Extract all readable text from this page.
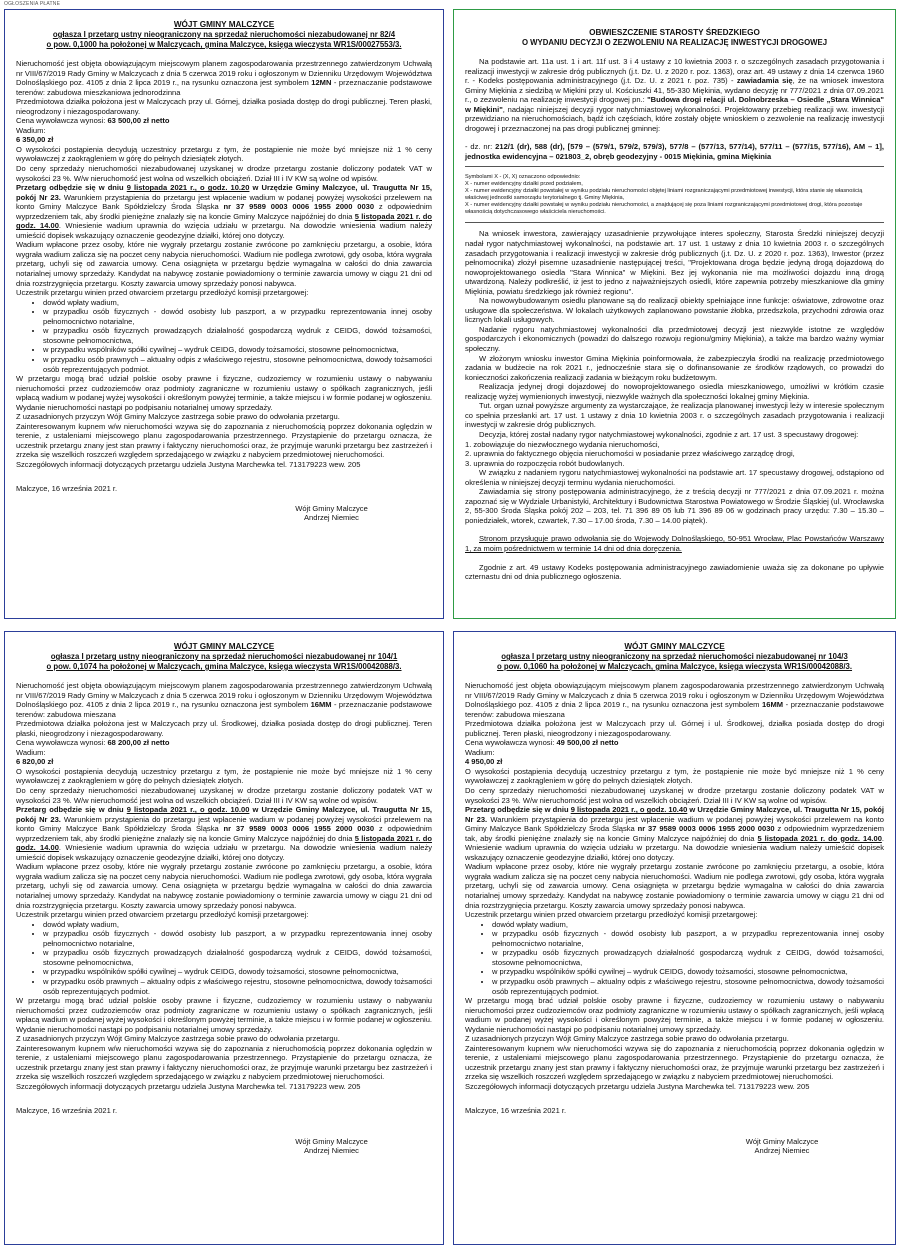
OGŁOSZENIA PŁATNE
WÓJT GMINY MALCZYCE
ogłasza I przetarg ustny nieograniczony na sprzedaż nieruchomości niezabudowanej nr 82/4
o pow. 0,1000 ha położonej w Malczycach, gmina Malczyce, księga wieczysta WR1S/00027553/3.

Nieruchomość jest objęta obowiązującym miejscowym planem zagospodarowania przestrzennego zatwierdzonym Uchwałą nr VIII/67/2019 Rady Gminy w Malczycach z dnia 5 czerwca 2019 roku i ogłoszonym w Dzienniku Urzędowym Województwa Dolnośląskiego poz. 4105 z dnia 2 lipca 2019 r., na rysunku oznaczona jest symbolem 12MN - przeznaczanie podstawowe terenów: zabudowa mieszkaniowa jednorodzinna

Przedmiotowa działka położona jest w Malczycach przy ul. Górnej, działka posiada dostęp do drogi publicznej. Teren płaski, nieogrodzony i niezagospodarowany.

Cena wywoławcza wynosi: 63 500,00 zł netto

Wadium:
6 350,00 zł

O wysokości postąpienia decydują uczestnicy przetargu z tym, że postąpienie nie może być mniejsze niż 1 % ceny wywoławczej z zaokrągleniem w górę do pełnych dziesiątek złotych.

Do ceny sprzedaży nieruchomości niezabudowanej uzyskanej w drodze przetargu zostanie doliczony podatek VAT w wysokości 23 %. W/w nieruchomość jest wolna od wszelkich obciążeń. Dział III i IV KW są wolne od wpisów.

Przetarg odbędzie się w dniu 9 listopada 2021 r., o godz. 10.20 w Urzędzie Gminy Malczyce, ul. Traugutta Nr 15, pokój Nr 23. Warunkiem przystąpienia do przetargu jest wpłacenie wadium w podanej powyżej wysokości przelewem na konto Gminy Malczyce Bank Spółdzielczy Środa Śląska nr 37 9589 0003 0006 1955 2000 0030 z odpowiednim wyprzedzeniem tak, aby środki pieniężne znalazły się na koncie Gminy Malczyce najpóźniej do dnia 5 listopada 2021 r. do godz. 14.00. Wniesienie wadium uprawnia do wzięcia udziału w przetargu. Na dowodzie wniesienia wadium należy umieścić dopisek wskazujący oznaczenie geodezyjne działki, której ono dotyczy.

Wadium wpłacone przez osoby, które nie wygrały przetargu zostanie zwrócone po zamknięciu przetargu, a osobie, która wygrała wadium zalicza się na poczet ceny nabycia nieruchomości. Wadium nie podlega zwrotowi, gdy osoba, która wygrała przetarg, uchyli się od zawarcia umowy. Cena osiągnięta w przetargu będzie wymagalna w całości do dnia zawarcia notarialnej umowy sprzedaży. Kandydat na nabywcę zostanie powiadomiony o terminie zawarcia umowy w ciągu 21 dni od dnia rozstrzygnięcia przetargu. Koszty zawarcia umowy sprzedaży ponosi nabywca.

Uczestnik przetargu winien przed otwarciem przetargu przedłożyć komisji przetargowej:

• dowód wpłaty wadium,
• w przypadku osób fizycznych - dowód osobisty lub paszport, a w przypadku reprezentowania innej osoby pełnomocnictwo notarialne,
• w przypadku osób fizycznych prowadzących działalność gospodarczą wydruk z CEIDG, dowód tożsamości, stosowne pełnomocnictwa,
• w przypadku wspólników spółki cywilnej – wydruk CEIDG, dowody tożsamości, stosowne pełnomocnictwa,
• w przypadku osób prawnych – aktualny odpis z właściwego rejestru, stosowne pełnomocnictwa, dowody tożsamości osób reprezentujących podmiot.

W przetargu mogą brać udział polskie osoby prawne i fizyczne, cudzoziemcy w rozumieniu ustawy o nabywaniu nieruchomości przez cudzoziemców oraz podmioty zagraniczne w rozumieniu ustawy o spółkach zagranicznych, jeśli wpłacą wadium w podanej wyżej wysokości i określonym powyżej terminie, a także miejscu i w formie podanej w ogłoszeniu. Wydanie nieruchomości nastąpi po podpisaniu notarialnej umowy sprzedaży.

Z uzasadnionych przyczyn Wójt Gminy Malczyce zastrzega sobie prawo do odwołania przetargu.

Zainteresowanym kupnem w/w nieruchomości wzywa się do zapoznania z nieruchomością poprzez dokonania oględzin w terenie, z ustaleniami miejscowego planu zagospodarowania przestrzennego. Przystąpienie do przetargu oznacza, że uczestnik przetargu znany jest stan prawny i faktyczny nieruchomości oraz, że przyjmuje warunki przetargu bez zastrzeżeń i zrzeka się wszelkich roszczeń względem sprzedającego w związku z nabyciem przedmiotowej nieruchomości.

Szczegółowych informacji dotyczących przetargu udziela Justyna Marchewka tel. 713179223 wew. 205

Malczyce, 16 września 2021 r.
Wójt Gminy Malczyce
Andrzej Niemiec
OBWIESZCZENIE STAROSTY ŚREDZKIEGO
O WYDANIU DECYZJI O ZEZWOLENIU NA REALIZACJĘ INWESTYCJI DROGOWEJ

Na podstawie art. 11a ust. 1 i art. 11f ust. 3 i 4 ustawy z 10 kwietnia 2003 r. o szczególnych zasadach przygotowania i realizacji inwestycji w zakresie dróg publicznych (j.t. Dz. U. z 2020 r. poz. 1363), oraz art. 49 ustawy z dnia 14 czerwca 1960 r. - Kodeks postępowania administracyjnego (j.t. Dz. U. z 2021 r. poz. 735) - zawiadamia się, że na wniosek inwestora Gminy Miękinia z siedzibą w Miękini przy ul. Kościuszki 41, 55-330 Miękinia, wydano decyzję nr 777/2021 z dnia 07.09.2021 r., o zezwoleniu na realizację inwestycji drogowej pn.: "Budowa drogi relacji ul. Dolnobrzeska – Osiedle „Stara Winnica" w Miękini", nadając niniejszej decyzji rygor natychmiastowej wykonalności. Projektowany przebieg realizacji ww. inwestycji przewidziano na nieruchomościach, bądź ich częściach, które zostały objęte wnioskiem o zezwolenie na realizację inwestycji drogowej i przeznaczonej na pas drogi publicznej gminnej:

- dz. nr: 212/1 (dr), 588 (dr), [579 – (579/1, 579/2, 579/3), 577/8 – (577/13, 577/14), 577/11 – (577/15, 577/16), AM – 1], jednostka ewidencyjna – 021803_2, obręb geodezyjny - 0015 Miękinia, gmina Miękinia

Symbolami X - (X, X) oznaczono odpowiednio:
X - numer ewidencyjny działki przed podziałem,
X - numer ewidencyjny działki powstałej w wyniku podziału nieruchomości objętej liniami rozgraniczającymi przedmiotowej inwestycji, która stanie się własnością właściwej jednostki samorządu terytorialnego tj. Gminy Miękinia,
X - numer ewidencyjny działki powstałej w wyniku podziału nieruchomości, a znajdującej się poza liniami rozgraniczającymi przedmiotowej drogi, która pozostaje własnością dotychczasowego właściciela nieruchomości.

Na wniosek inwestora, zawierający uzasadnienie przywołujące interes społeczny, Starosta Średzki niniejszej decyzji nadał rygor natychmiastowej wykonalności, na podstawie art. 17 ust. 1 ustawy z dnia 10 kwietnia 2003 r. o szczególnych zasadach przygotowania i realizacji inwestycji w zakresie dróg publicznych (j.t. Dz. U. z 2020 r. poz. 1363), Inwestor (przez pełnomocnika) złożył pisemne uzasadnienie następującej treści, "Projektowana droga będzie jedyną drogą dojazdową do nowoprojektowanego osiedla "Stara Winnica" w Miękini. Bez jej wykonania nie ma możliwości dojazdu inną drogą utwardzoną. Należy podkreślić, iż jest to jedno z najważniejszych osiedli, które zapewnia potrzeby mieszkaniowe dla gminy Miękinia, powiatu średzkiego jak również regionu".

Na nowowybudowanym osiedlu planowane są do realizacji obiekty spełniające inne funkcje: oświatowe, zdrowotne oraz usługowe dla społeczeństwa. W lokalach użytkowych zaplanowano powstanie żłobka, przedszkola, przychodni zdrowia oraz licznych lokali usługowych.

Nadanie rygoru natychmiastowej wykonalności dla przedmiotowej decyzji jest niezwykle istotne ze względów gospodarczych i ekonomicznych (powadzi do dalszego rozwoju regionu/gminy Miękinia), a także ma bardzo ważny wymiar społeczny.

W złożonym wniosku inwestor Gmina Miękinia poinformowała, że zabezpieczyła środki na realizację przedmiotowego zadania w budżecie na rok 2021 r., jednocześnie stara się o dofinansowanie ze środków rządowych, co prowadzi do konieczności zakończenia realizacji zadania w bieżącym roku budżetowym.

Realizacja jedynej drogi dojazdowej do nowoprojektowanego osiedla mieszkaniowego, umożliwi w krótkim czasie realizację wyżej wymienionych inwestycji, niezwykle ważnych dla społeczności lokalnej gminy Miękinia.

Tut. organ uznał powyższe argumenty za wystarczające, że realizacja planowanej inwestycji leży w interesie społecznym co spełnia przesłanki art. 17 ust. 1 ustawy z dnia 10 kwietnia 2003 r. o szczególnych zasadach przygotowania i realizacji inwestycji w zakresie dróg publicznych.

Decyzja, której został nadany rygor natychmiastowej wykonalności, zgodnie z art. 17 ust. 3 specustawy drogowej:

1. zobowiązuje do niezwłocznego wydania nieruchomości,

2. uprawnia do faktycznego objęcia nieruchomości w posiadanie przez właściwego zarządcę drogi,

3. uprawnia do rozpoczęcia robót budowlanych.

W związku z nadaniem rygoru natychmiastowej wykonalności na podstawie art. 17 specustawy drogowej, odstąpiono od określenia w niniejszej decyzji terminu wydania nieruchomości.

Zawiadamia się strony postępowania administracyjnego, że z treścią decyzji nr 777/2021 z dnia 07.09.2021 r. można zapoznać się w Wydziale Urbanistyki, Architektury i Budownictwa Starostwa Powiatowego w Środzie Śląskiej (ul. Wrocławska 2, 55-300 Środa Śląska pokój 202 – 203, tel. 71 396 89 05 lub 71 396 89 06 w godzinach pracy urzędu: 7.30 – 15.30 – poniedziałek, wtorek, czwartek, 7.30 – 17.00 środa, 7.30 – 14.00 piątek).

Stronom przysługuje prawo odwołania się do Wojewody Dolnośląskiego, 50-951 Wrocław, Plac Powstańców Warszawy 1, za moim pośrednictwem w terminie 14 dni od dnia doręczenia.

Zgodnie z art. 49 ustawy Kodeks postępowania administracyjnego zawiadomienie uważa się za dokonane po upływie czternastu dni od dnia publicznego ogłoszenia.

WÓJT GMINY MALCZYCE
ogłasza I przetarg ustny nieograniczony na sprzedaż nieruchomości niezabudowanej nr 104/1
o pow. 0,1074 ha położonej w Malczycach, gmina Malczyce, księga wieczysta WR1S/00042088/3.

Nieruchomość jest objęta obowiązującym miejscowym planem zagospodarowania przestrzennego zatwierdzonym Uchwałą nr VIII/67/2019 Rady Gminy w Malczycach z dnia 5 czerwca 2019 roku i ogłoszonym w Dzienniku Urzędowym Województwa Dolnośląskiego poz. 4105 z dnia 2 lipca 2019 r., na rysunku oznaczona jest symbolem 16MM - przeznaczanie podstawowe terenów: zabudowa mieszana

Przedmiotowa działka położona jest w Malczycach przy ul. Środkowej, działka posiada dostęp do drogi publicznej. Teren płaski, nieogrodzony i niezagospodarowany.

Cena wywoławcza wynosi: 68 200,00 zł netto

Wadium:
6 820,00 zł

O wysokości postąpienia decydują uczestnicy przetargu z tym, że postąpienie nie może być mniejsze niż 1 % ceny wywoławczej z zaokrągleniem w górę do pełnych dziesiątek złotych.

Do ceny sprzedaży nieruchomości niezabudowanej uzyskanej w drodze przetargu zostanie doliczony podatek VAT w wysokości 23 %. W/w nieruchomość jest wolna od wszelkich obciążeń. Dział III i IV KW są wolne od wpisów.

Przetarg odbędzie się w dniu 9 listopada 2021 r., o godz. 10.00 w Urzędzie Gminy Malczyce, ul. Traugutta Nr 15, pokój Nr 23. Warunkiem przystąpienia do przetargu jest wpłacenie wadium w podanej powyżej wysokości przelewem na konto Gminy Malczyce Bank Spółdzielczy Środa Śląska nr 37 9589 0003 0006 1955 2000 0030 z odpowiednim wyprzedzeniem tak, aby środki pieniężne znalazły się na koncie Gminy Malczyce najpóźniej do dnia 5 listopada 2021 r. do godz. 14.00. Wniesienie wadium uprawnia do wzięcia udziału w przetargu. Na dowodzie wniesienia wadium należy umieścić dopisek wskazujący oznaczenie geodezyjne działki, której ono dotyczy.

Wadium wpłacone przez osoby, które nie wygrały przetargu zostanie zwrócone po zamknięciu przetargu, a osobie, która wygrała wadium zalicza się na poczet ceny nabycia nieruchomości. Wadium nie podlega zwrotowi, gdy osoba, która wygrała przetarg, uchyli się od zawarcia umowy. Cena osiągnięta w przetargu będzie wymagalna w całości do dnia zawarcia notarialnej umowy sprzedaży. Kandydat na nabywcę zostanie powiadomiony o terminie zawarcia umowy w ciągu 21 dni od dnia rozstrzygnięcia przetargu. Koszty zawarcia umowy sprzedaży ponosi nabywca.

Uczestnik przetargu winien przed otwarciem przetargu przedłożyć komisji przetargowej:

• dowód wpłaty wadium,
• w przypadku osób fizycznych - dowód osobisty lub paszport, a w przypadku reprezentowania innej osoby pełnomocnictwo notarialne,
• w przypadku osób fizycznych prowadzących działalność gospodarczą wydruk z CEIDG, dowód tożsamości, stosowne pełnomocnictwa,
• w przypadku wspólników spółki cywilnej – wydruk CEIDG, dowody tożsamości, stosowne pełnomocnictwa,
• w przypadku osób prawnych – aktualny odpis z właściwego rejestru, stosowne pełnomocnictwa, dowody tożsamości osób reprezentujących podmiot.

W przetargu mogą brać udział polskie osoby prawne i fizyczne, cudzoziemcy w rozumieniu ustawy o nabywaniu nieruchomości przez cudzoziemców oraz podmioty zagraniczne w rozumieniu ustawy o spółkach zagranicznych, jeśli wpłacą wadium w podanej wyżej wysokości i określonym powyżej terminie, a także miejscu i w formie podanej w ogłoszeniu. Wydanie nieruchomości nastąpi po podpisaniu notarialnej umowy sprzedaży.

Z uzasadnionych przyczyn Wójt Gminy Malczyce zastrzega sobie prawo do odwołania przetargu.

Zainteresowanym kupnem w/w nieruchomości wzywa się do zapoznania z nieruchomością poprzez dokonania oględzin w terenie, z ustaleniami miejscowego planu zagospodarowania przestrzennego. Przystąpienie do przetargu oznacza, że uczestnik przetargu znany jest stan prawny i faktyczny nieruchomości oraz, że przyjmuje warunki przetargu bez zastrzeżeń i zrzeka się wszelkich roszczeń względem sprzedającego w związku z nabyciem przedmiotowej nieruchomości.

Szczegółowych informacji dotyczących przetargu udziela Justyna Marchewka tel. 713179223 wew. 205

Malczyce, 16 września 2021 r.
Wójt Gminy Malczyce
Andrzej Niemiec
WÓJT GMINY MALCZYCE
ogłasza I przetarg ustny nieograniczony na sprzedaż nieruchomości niezabudowanej nr 104/3
o pow. 0,1060 ha położonej w Malczycach, gmina Malczyce, księga wieczysta WR1S/00042088/3.

Nieruchomość jest objęta obowiązującym miejscowym planem zagospodarowania przestrzennego zatwierdzonym Uchwałą nr VIII/67/2019 Rady Gminy w Malczycach z dnia 5 czerwca 2019 roku i ogłoszonym w Dzienniku Urzędowym Województwa Dolnośląskiego poz. 4105 z dnia 2 lipca 2019 r., na rysunku oznaczona jest symbolem 16MM - przeznaczanie podstawowe terenów: zabudowa mieszana

Przedmiotowa działka położona jest w Malczycach przy ul. Górnej i ul. Środkowej, działka posiada dostęp do drogi publicznej. Teren płaski, nieogrodzony i niezagospodarowany.

Cena wywoławcza wynosi: 49 500,00 zł netto

Wadium:
4 950,00 zł

O wysokości postąpienia decydują uczestnicy przetargu z tym, że postąpienie nie może być mniejsze niż 1 % ceny wywoławczej z zaokrągleniem w górę do pełnych dziesiątek złotych.

Do ceny sprzedaży nieruchomości niezabudowanej uzyskanej w drodze przetargu zostanie doliczony podatek VAT w wysokości 23 %. W/w nieruchomość jest wolna od wszelkich obciążeń. Dział III i IV KW są wolne od wpisów.

Przetarg odbędzie się w dniu 9 listopada 2021 r., o godz. 10.40 w Urzędzie Gminy Malczyce, ul. Traugutta Nr 15, pokój Nr 23. Warunkiem przystąpienia do przetargu jest wpłacenie wadium w podanej powyżej wysokości przelewem na konto Gminy Malczyce Bank Spółdzielczy Środa Śląska nr 37 9589 0003 0006 1955 2000 0030 z odpowiednim wyprzedzeniem tak, aby środki pieniężne znalazły się na koncie Gminy Malczyce najpóźniej do dnia 5 listopada 2021 r. do godz. 14.00. Wniesienie wadium uprawnia do wzięcia udziału w przetargu. Na dowodzie wniesienia wadium należy umieścić dopisek wskazujący oznaczenie geodezyjne działki, której ono dotyczy.

Wadium wpłacone przez osoby, które nie wygrały przetargu zostanie zwrócone po zamknięciu przetargu, a osobie, która wygrała wadium zalicza się na poczet ceny nabycia nieruchomości. Wadium nie podlega zwrotowi, gdy osoba, która wygrała przetarg, uchyli się od zawarcia umowy. Cena osiągnięta w przetargu będzie wymagalna w całości do dnia zawarcia notarialnej umowy sprzedaży. Kandydat na nabywcę zostanie powiadomiony o terminie zawarcia umowy w ciągu 21 dni od dnia rozstrzygnięcia przetargu. Koszty zawarcia umowy sprzedaży ponosi nabywca.

Uczestnik przetargu winien przed otwarciem przetargu przedłożyć komisji przetargowej:

• dowód wpłaty wadium,
• w przypadku osób fizycznych - dowód osobisty lub paszport, a w przypadku reprezentowania innej osoby pełnomocnictwo notarialne,
• w przypadku osób fizycznych prowadzących działalność gospodarczą wydruk z CEIDG, dowód tożsamości, stosowne pełnomocnictwa,
• w przypadku wspólników spółki cywilnej – wydruk CEIDG, dowody tożsamości, stosowne pełnomocnictwa,
• w przypadku osób prawnych – aktualny odpis z właściwego rejestru, stosowne pełnomocnictwa, dowody tożsamości osób reprezentujących podmiot.

W przetargu mogą brać udział polskie osoby prawne i fizyczne, cudzoziemcy w rozumieniu ustawy o nabywaniu nieruchomości przez cudzoziemców oraz podmioty zagraniczne w rozumieniu ustawy o spółkach zagranicznych, jeśli wpłacą wadium w podanej wyżej wysokości i określonym powyżej terminie, a także miejscu i w formie podanej w ogłoszeniu. Wydanie nieruchomości nastąpi po podpisaniu notarialnej umowy sprzedaży.

Z uzasadnionych przyczyn Wójt Gminy Malczyce zastrzega sobie prawo do odwołania przetargu.

Zainteresowanym kupnem w/w nieruchomości wzywa się do zapoznania z nieruchomością poprzez dokonania oględzin w terenie, z ustaleniami miejscowego planu zagospodarowania przestrzennego. Przystąpienie do przetargu oznacza, że uczestnik przetargu znany jest stan prawny i faktyczny nieruchomości oraz, że przyjmuje warunki przetargu bez zastrzeżeń i zrzeka się wszelkich roszczeń względem sprzedającego w związku z nabyciem przedmiotowej nieruchomości.

Szczegółowych informacji dotyczących przetargu udziela Justyna Marchewka tel. 713179223 wew. 205

Malczyce, 16 września 2021 r.
Wójt Gminy Malczyce
Andrzej Niemiec
